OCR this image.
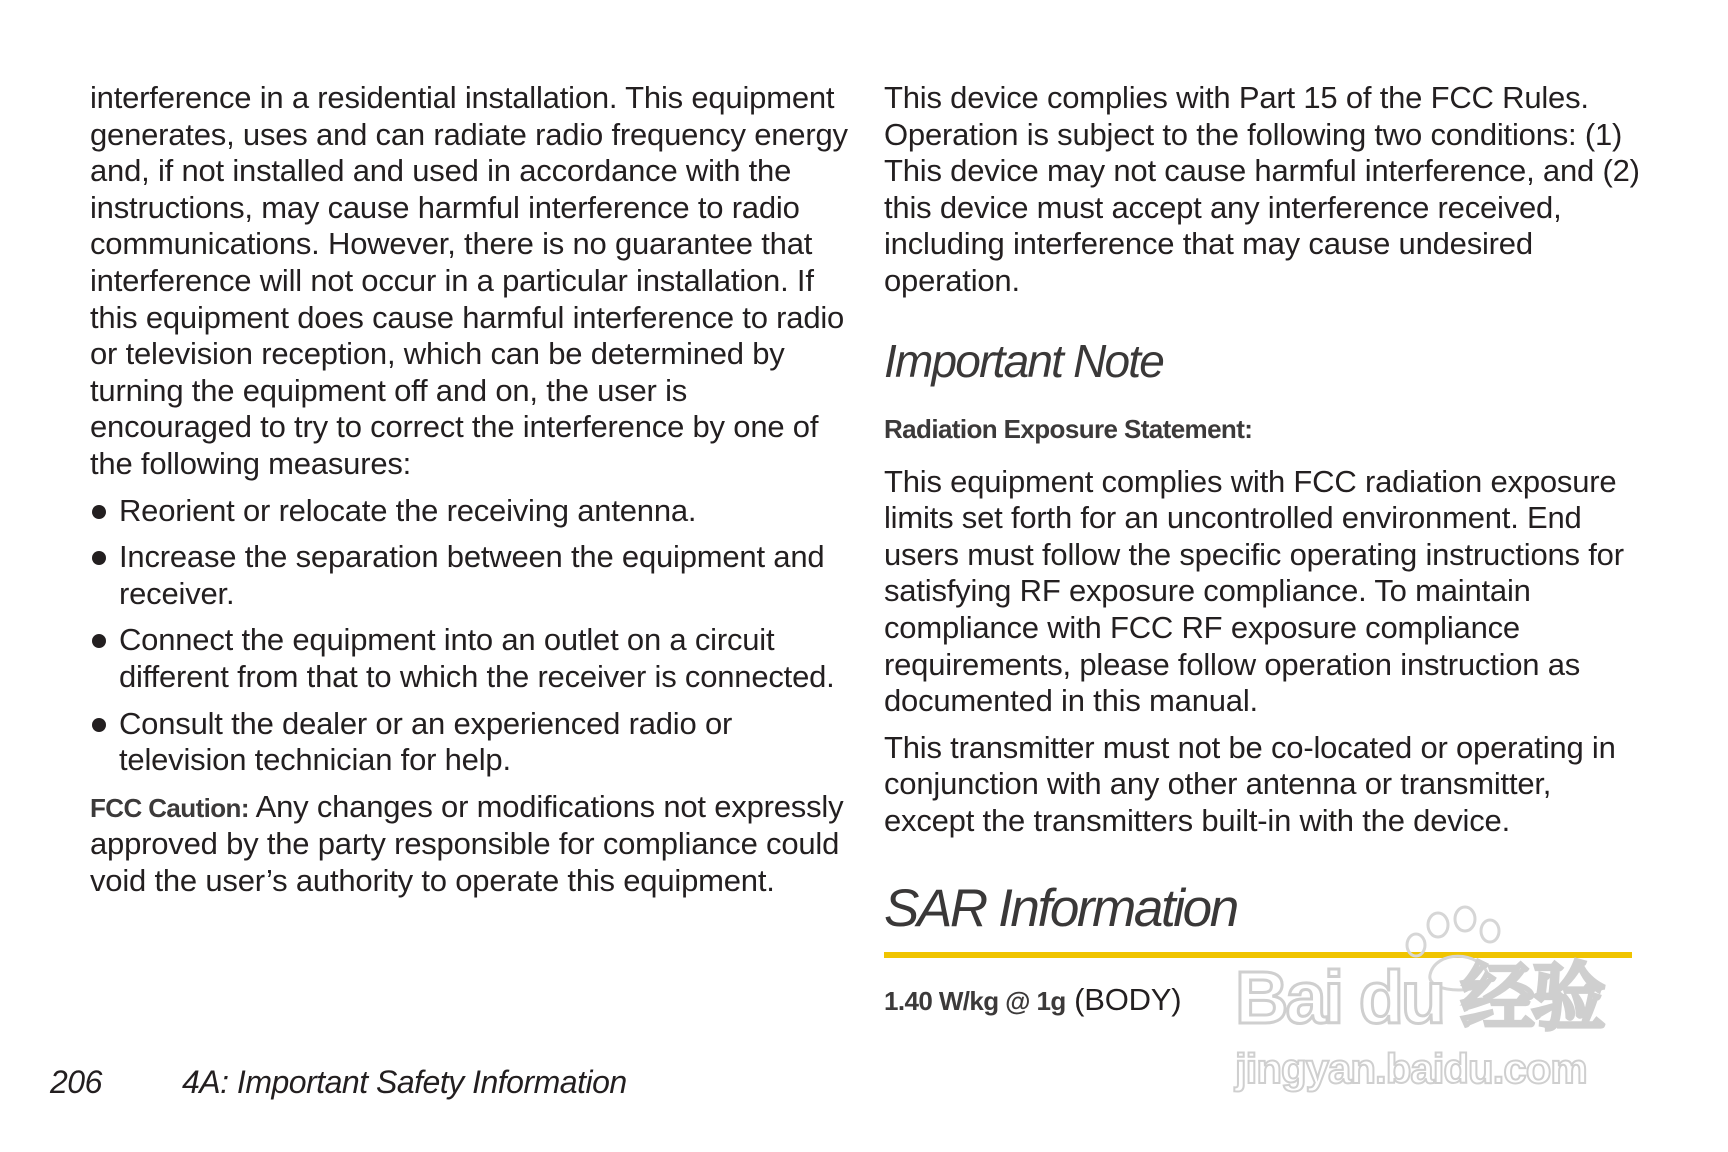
interference in a residential installation. This equipment generates, uses and can radiate radio frequency energy and, if not installed and used in accordance with the instructions, may cause harmful interference to radio communications. However, there is no guarantee that interference will not occur in a particular installation. If this equipment does cause harmful interference to radio or television reception, which can be determined by turning the equipment off and on, the user is encouraged to try to correct the interference by one of the following measures:

Reorient or relocate the receiving antenna.
Increase the separation between the equipment and receiver.
Connect the equipment into an outlet on a circuit different from that to which the receiver is connected.
Consult the dealer or an experienced radio or television technician for help.

FCC Caution: Any changes or modifications not expressly approved by the party responsible for compliance could void the user’s authority to operate this equipment.

This device complies with Part 15 of the FCC Rules. Operation is subject to the following two conditions: (1) This device may not cause harmful interference, and (2) this device must accept any interference received, including interference that may cause undesired operation.

Important Note
Radiation Exposure Statement:

This equipment complies with FCC radiation exposure limits set forth for an uncontrolled environment. End users must follow the specific operating instructions for satisfying RF exposure compliance. To maintain compliance with FCC RF exposure compliance requirements, please follow operation instruction as documented in this manual.

This transmitter must not be co-located or operating in conjunction with any other antenna or transmitter, except the transmitters built-in with the device.

SAR Information

1.40 W/kg @ 1g (BODY)

206	4A: Important Safety Information
Bai du 经验
jingyan.baidu.com
